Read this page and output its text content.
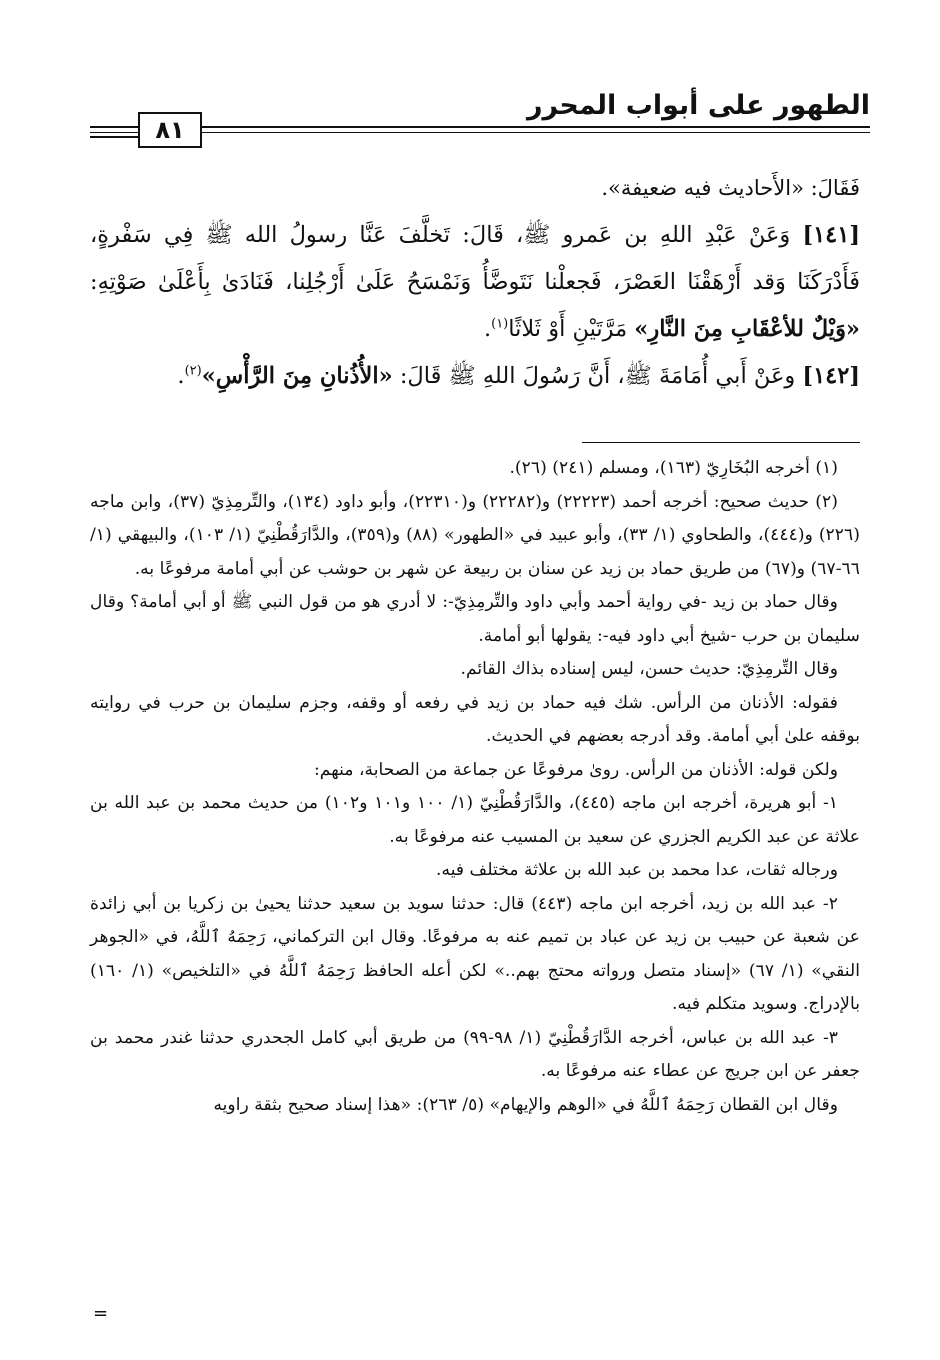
الطهور على أبواب المحرر
٨١

فَقَالَ: «الأَحاديث فيه ضعيفة».

[١٤١] وَعَنْ عَبْدِ اللهِ بن عَمرو ﷺ، قَالَ: تَخلَّفَ عَنَّا رسولُ الله ﷺ فِي سَفْرةٍ، فَأَدْرَكَنَا وَقد أَرْهَقْنَا العَصْرَ، فَجعلْنا نَتَوضَّأُ وَنَمْسَحُ عَلَىٰ أَرْجُلِنا، فَنَادَىٰ بِأَعْلَىٰ صَوْتِهِ: «وَيْلٌ للأعْقَابِ مِنَ النَّارِ» مَرَّتَيْنِ أَوْ ثَلاثًا$^{(١)}$.

[١٤٢] وعَنْ أَبي أُمَامَةَ ﷺ، أَنَّ رَسُولَ اللهِ ﷺ قَالَ: «الأُذُنانِ مِنَ الرَّأْسِ»$^{(٢)}$.

(١) أخرجه البُخَارِيّ (١٦٣)، ومسلم (٢٤١) (٢٦).

(٢) حديث صحيح: أخرجه أحمد (٢٢٢٢٣) و(٢٢٢٨٢) و(٢٢٣١٠)، وأبو داود (١٣٤)، والتِّرمِذِيّ (٣٧)، وابن ماجه (٢٢٦) و(٤٤٤)، والطحاوي (١/ ٣٣)، وأبو عبيد في «الطهور» (٨٨) و(٣٥٩)، والدَّارَقُطْنِيّ (١/ ١٠٣)، والبيهقي (١/ ٦٦-٦٧) و(٦٧) من طريق حماد بن زيد عن سنان بن ربيعة عن شهر بن حوشب عن أبي أمامة مرفوعًا به.

وقال حماد بن زيد -في رواية أحمد وأبي داود والتِّرمِذِيّ-: لا أدري هو من قول النبي ﷺ أو أبي أمامة؟ وقال سليمان بن حرب -شيخ أبي داود فيه-: يقولها أبو أمامة.

وقال التِّرمِذِيّ: حديث حسن، ليس إسناده بذاك القائم.

فقوله: الأذنان من الرأس. شك فيه حماد بن زيد في رفعه أو وقفه، وجزم سليمان بن حرب في روايته بوقفه علىٰ أبي أمامة. وقد أدرجه بعضهم في الحديث.

ولكن قوله: الأذنان من الرأس. روىٰ مرفوعًا عن جماعة من الصحابة، منهم:

١- أبو هريرة، أخرجه ابن ماجه (٤٤٥)، والدَّارَقُطْنِيّ (١/ ١٠٠ و١٠١ و١٠٢) من حديث محمد بن عبد الله بن علاثة عن عبد الكريم الجزري عن سعيد بن المسيب عنه مرفوعًا به.

ورجاله ثقات، عدا محمد بن عبد الله بن علاثة مختلف فيه.

٢- عبد الله بن زيد، أخرجه ابن ماجه (٤٤٣) قال: حدثنا سويد بن سعيد حدثنا يحيىٰ بن زكريا بن أبي زائدة عن شعبة عن حبيب بن زيد عن عباد بن تميم عنه به مرفوعًا. وقال ابن التركماني، رَحِمَهُ ٱللَّهُ، في «الجوهر النقي» (١/ ٦٧) «إسناد متصل ورواته محتج بهم..» لكن أعله الحافظ رَحِمَهُ ٱللَّهُ في «التلخيص» (١/ ١٦٠) بالإدراج. وسويد متكلم فيه.

٣- عبد الله بن عباس، أخرجه الدَّارَقُطْنِيّ (١/ ٩٨-٩٩) من طريق أبي كامل الجحدري حدثنا غندر محمد بن جعفر عن ابن جريج عن عطاء عنه مرفوعًا به.

وقال ابن القطان رَحِمَهُ ٱللَّهُ في «الوهم والإيهام» (٥/ ٢٦٣): «هذا إسناد صحيح بثقة راويه

=
